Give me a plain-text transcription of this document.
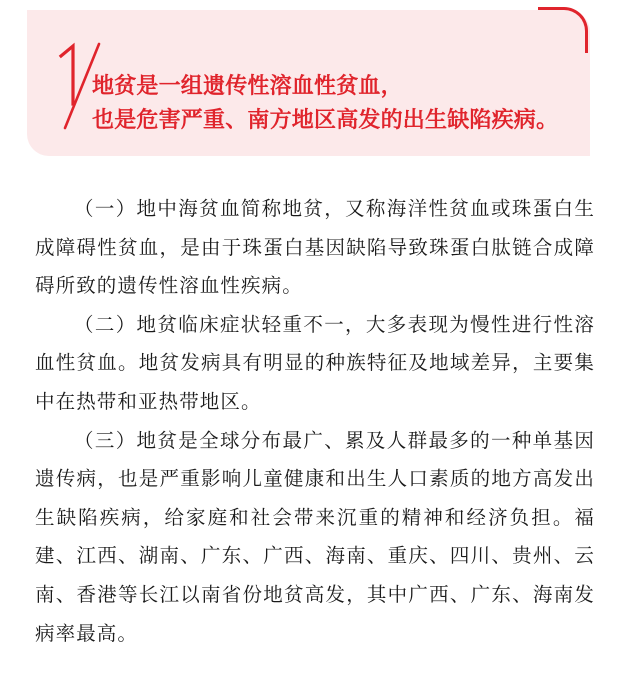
地贫是一组遗传性溶血性贫血，
也是危害严重、南方地区高发的出生缺陷疾病。

（一）地中海贫血简称地贫，又称海洋性贫血或珠蛋白生成障碍性贫血，是由于珠蛋白基因缺陷导致珠蛋白肽链合成障碍所致的遗传性溶血性疾病。

（二）地贫临床症状轻重不一，大多表现为慢性进行性溶血性贫血。地贫发病具有明显的种族特征及地域差异，主要集中在热带和亚热带地区。

（三）地贫是全球分布最广、累及人群最多的一种单基因遗传病，也是严重影响儿童健康和出生人口素质的地方高发出生缺陷疾病，给家庭和社会带来沉重的精神和经济负担。福建、江西、湖南、广东、广西、海南、重庆、四川、贵州、云南、香港等长江以南省份地贫高发，其中广西、广东、海南发病率最高。
